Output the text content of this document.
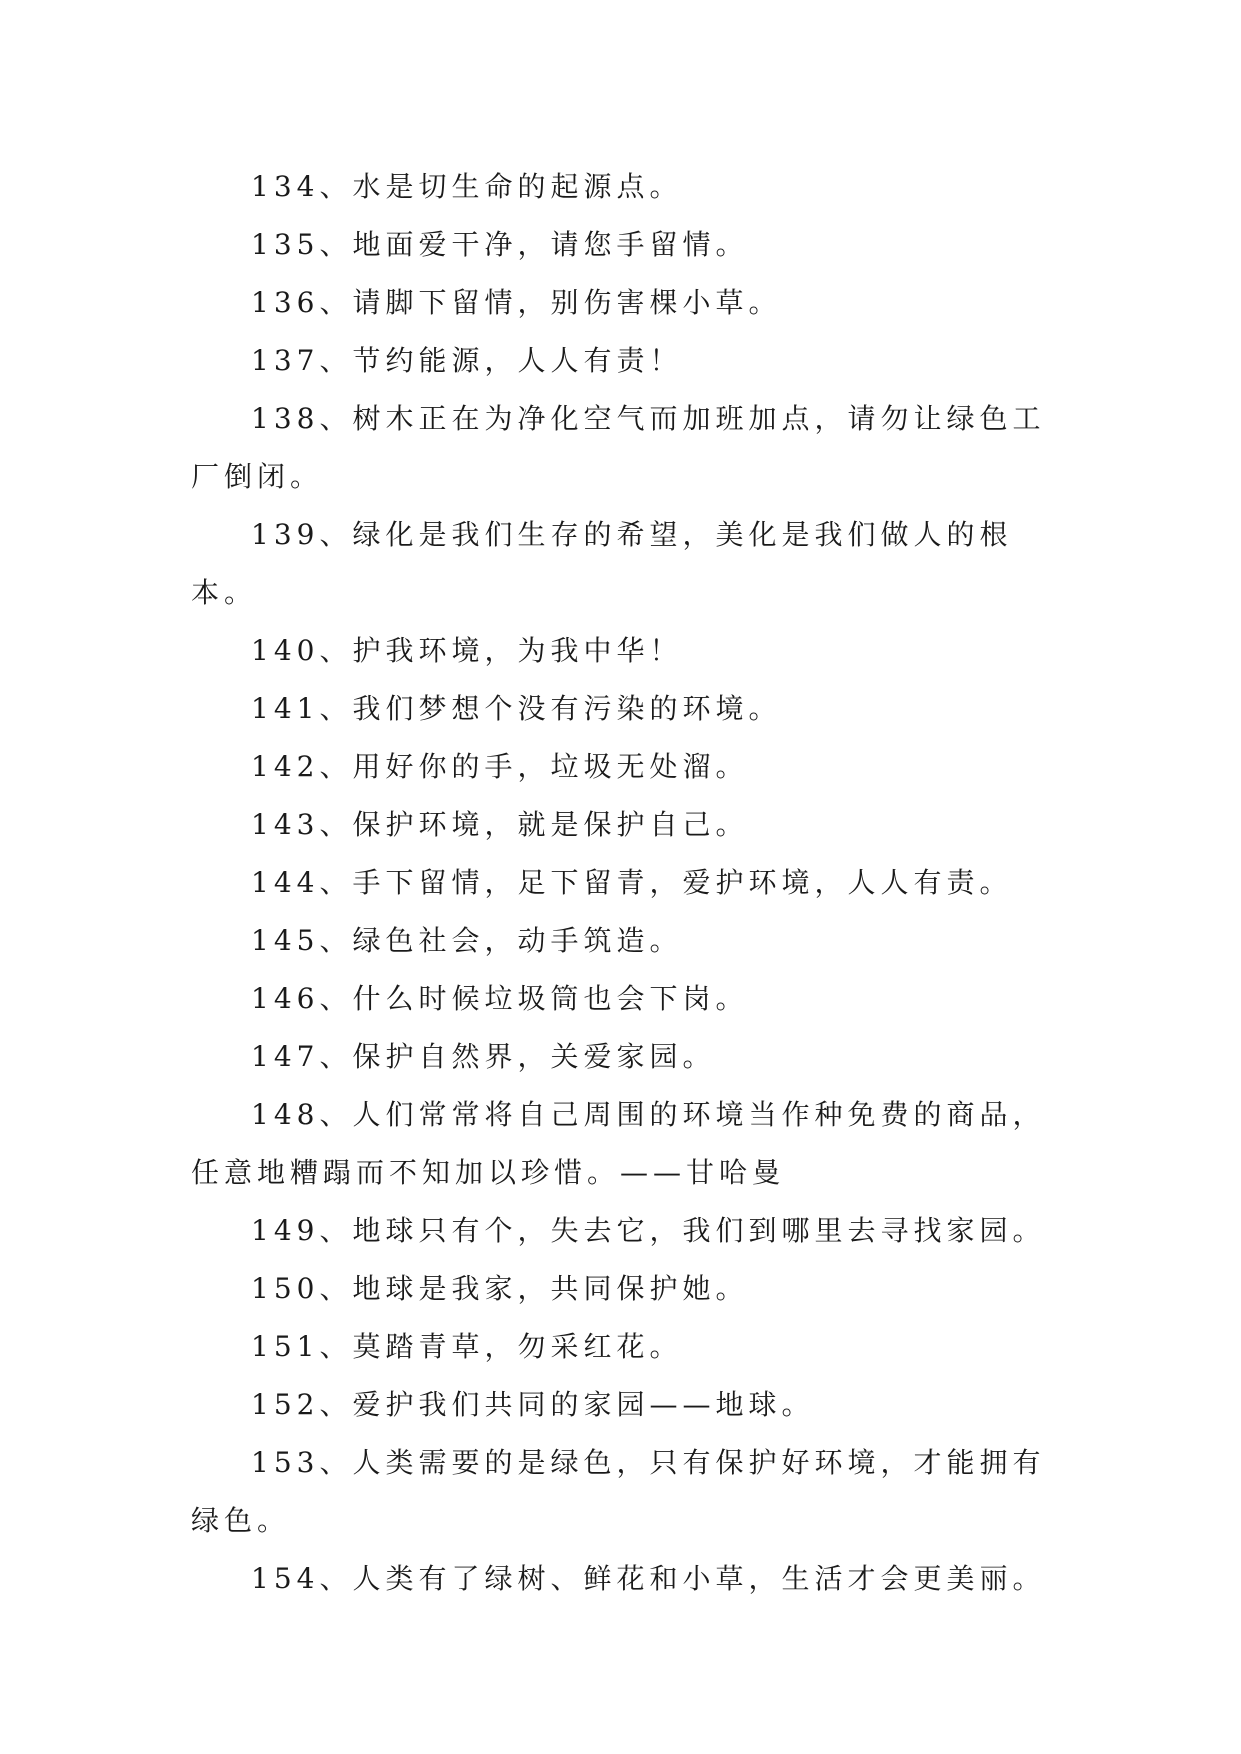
134、水是切生命的起源点。

135、地面爱干净，请您手留情。

136、请脚下留情，别伤害棵小草。

137、节约能源，人人有责！

138、树木正在为净化空气而加班加点，请勿让绿色工厂倒闭。

139、绿化是我们生存的希望，美化是我们做人的根本。

140、护我环境，为我中华！

141、我们梦想个没有污染的环境。

142、用好你的手，垃圾无处溜。

143、保护环境，就是保护自己。

144、手下留情，足下留青，爱护环境，人人有责。

145、绿色社会，动手筑造。

146、什么时候垃圾筒也会下岗。

147、保护自然界，关爱家园。

148、人们常常将自己周围的环境当作种免费的商品，任意地糟蹋而不知加以珍惜。——甘哈曼

149、地球只有个，失去它，我们到哪里去寻找家园。

150、地球是我家，共同保护她。

151、莫踏青草，勿采红花。

152、爱护我们共同的家园——地球。

153、人类需要的是绿色，只有保护好环境，才能拥有绿色。

154、人类有了绿树、鲜花和小草，生活才会更美丽。
